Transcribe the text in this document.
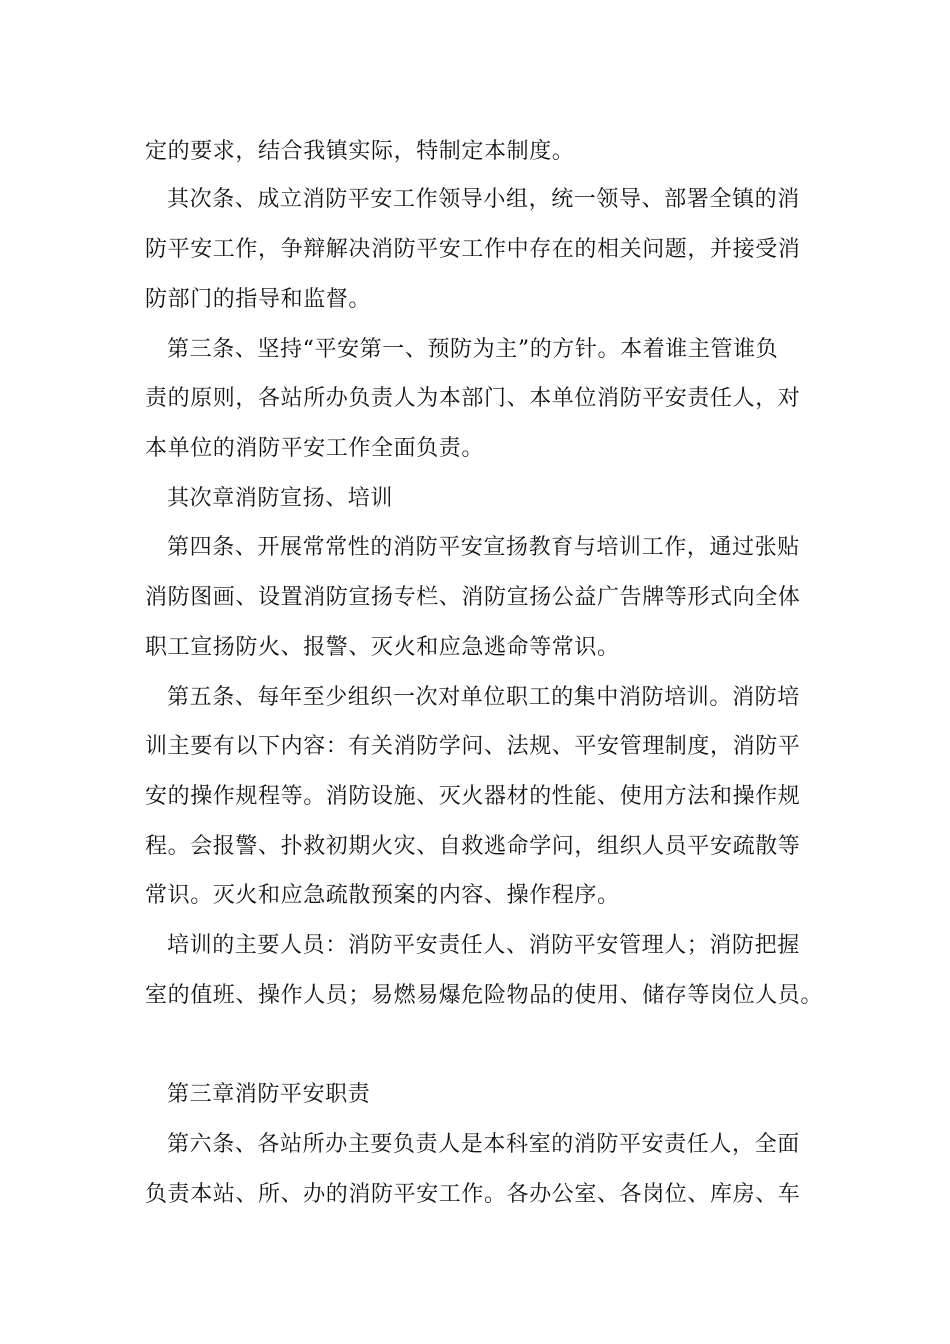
定的要求，结合我镇实际，特制定本制度。
其次条、成立消防平安工作领导小组，统一领导、部署全镇的消
防平安工作，争辩解决消防平安工作中存在的相关问题，并接受消
防部门的指导和监督。
第三条、坚持“平安第一、预防为主”的方针。本着谁主管谁负
责的原则，各站所办负责人为本部门、本单位消防平安责任人，对
本单位的消防平安工作全面负责。
其次章消防宣扬、培训
第四条、开展常常性的消防平安宣扬教育与培训工作，通过张贴
消防图画、设置消防宣扬专栏、消防宣扬公益广告牌等形式向全体
职工宣扬防火、报警、灭火和应急逃命等常识。
第五条、每年至少组织一次对单位职工的集中消防培训。消防培
训主要有以下内容：有关消防学问、法规、平安管理制度，消防平
安的操作规程等。消防设施、灭火器材的性能、使用方法和操作规
程。会报警、扑救初期火灾、自救逃命学问，组织人员平安疏散等
常识。灭火和应急疏散预案的内容、操作程序。
培训的主要人员：消防平安责任人、消防平安管理人；消防把握
室的值班、操作人员；易燃易爆危险物品的使用、储存等岗位人员。
第三章消防平安职责
第六条、各站所办主要负责人是本科室的消防平安责任人，全面
负责本站、所、办的消防平安工作。各办公室、各岗位、库房、车
